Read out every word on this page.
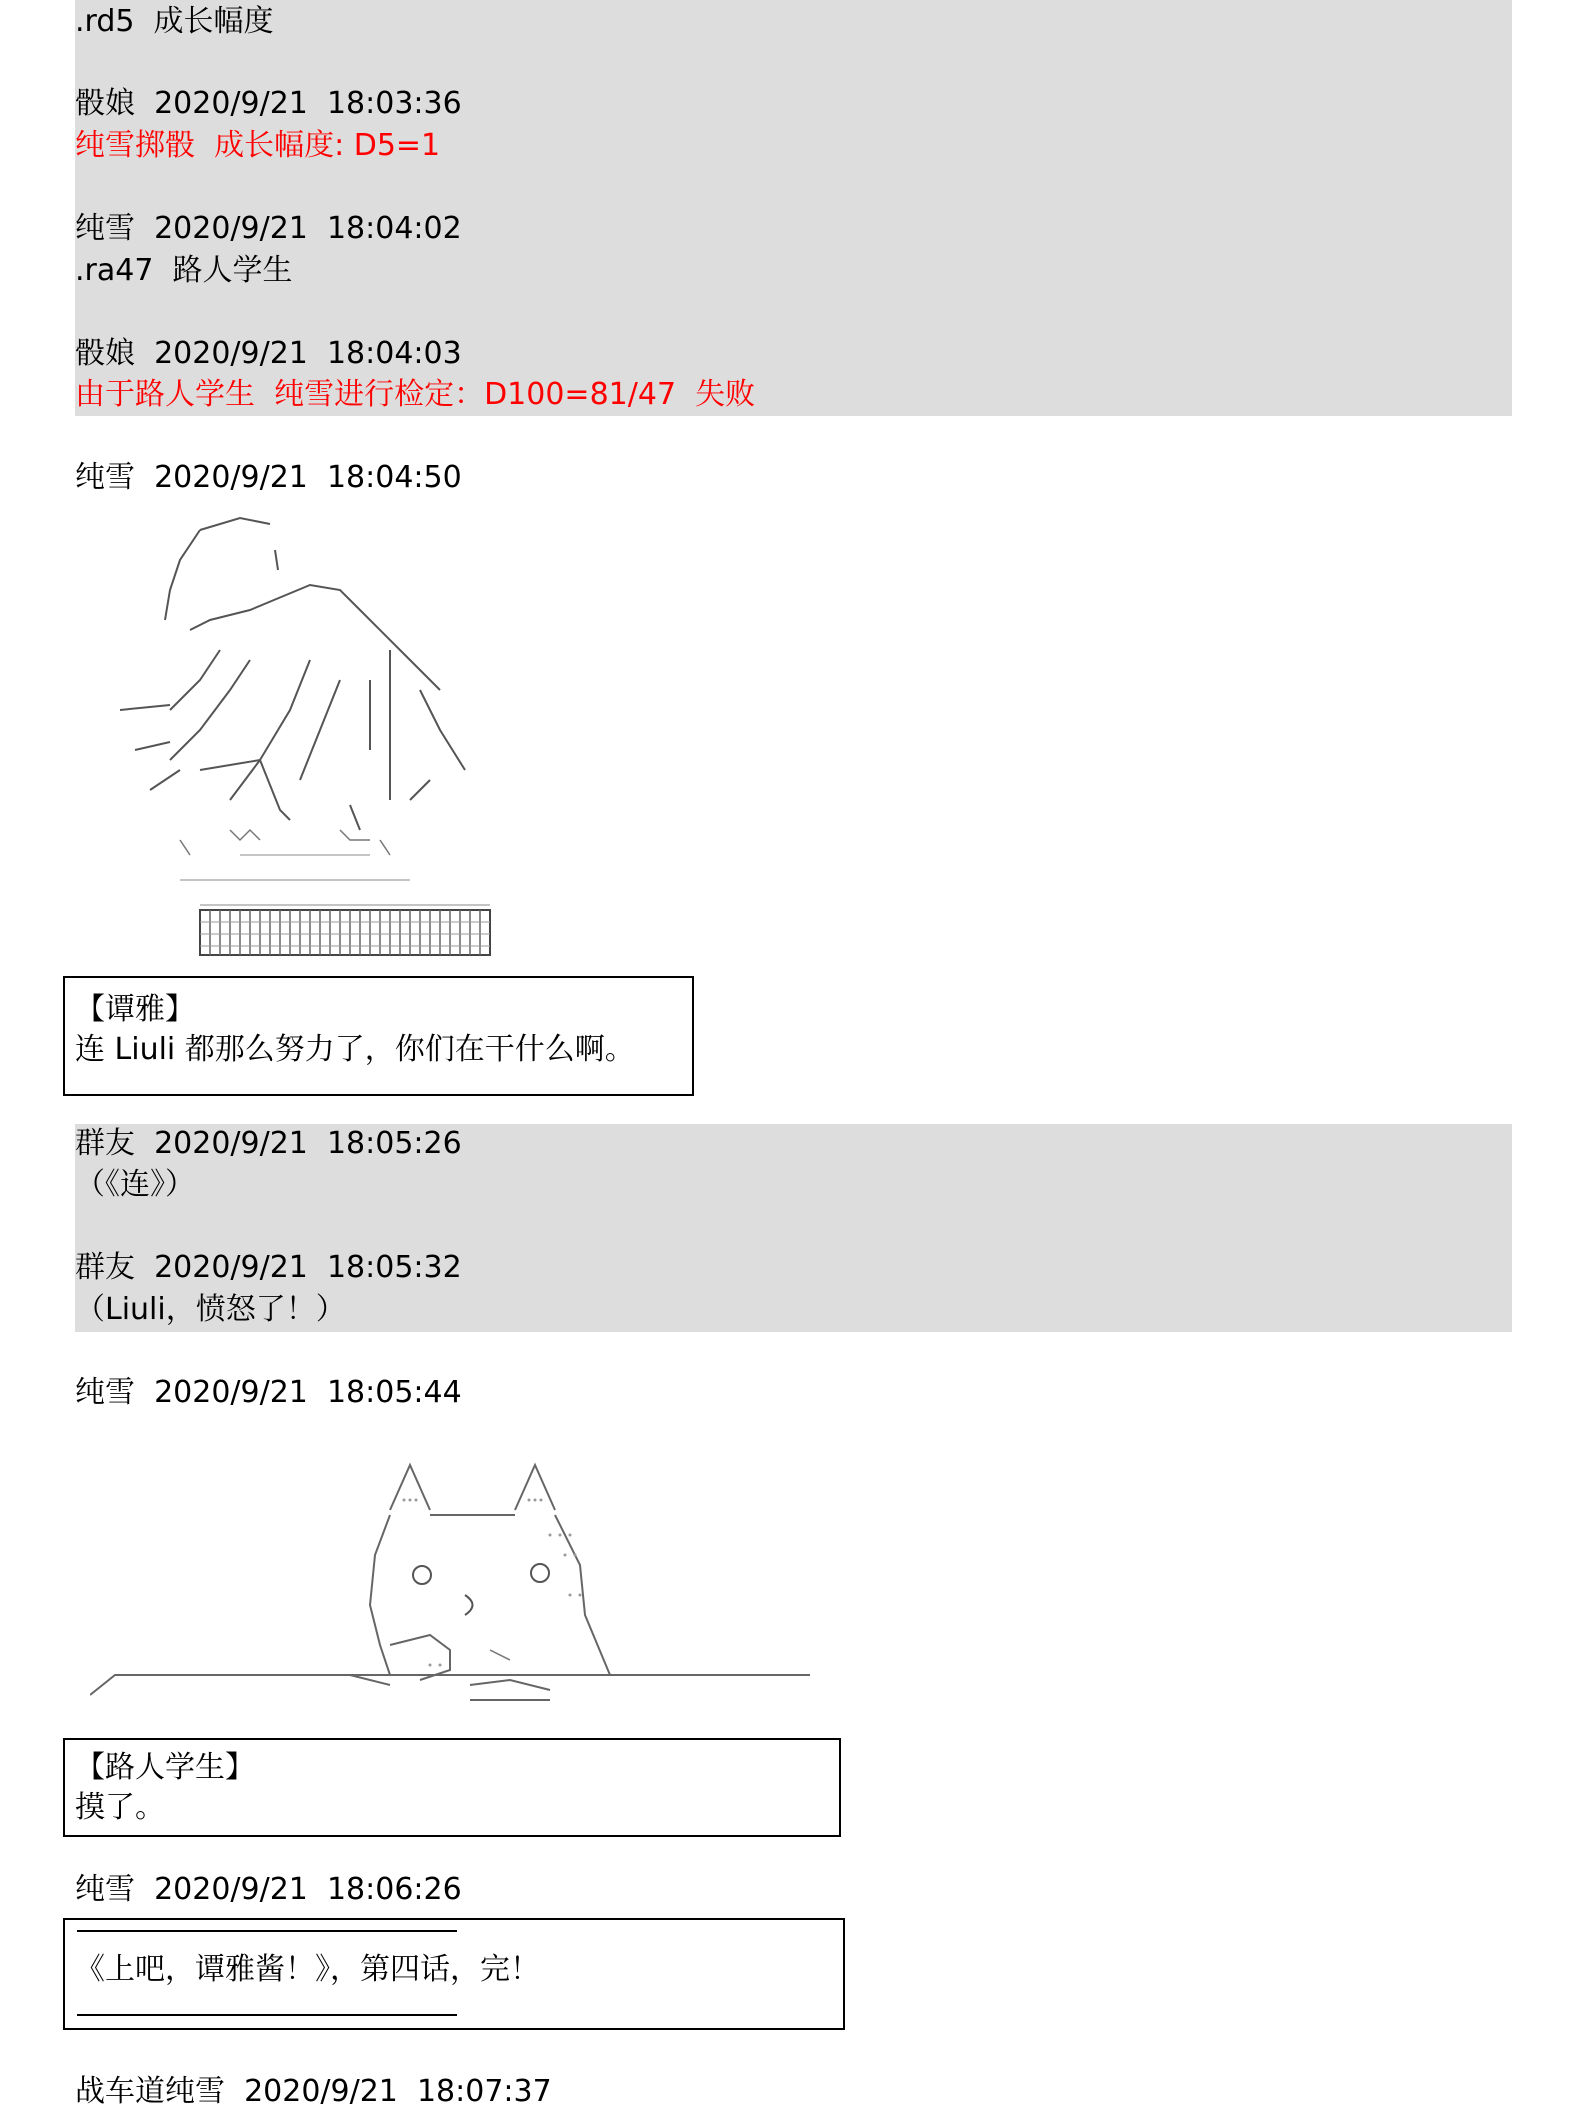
.rd5  成长幅度
骰娘  2020/9/21  18:03:36
纯雪掷骰  成长幅度: D5=1
纯雪  2020/9/21  18:04:02
.ra47  路人学生
骰娘  2020/9/21  18:04:03
由于路人学生  纯雪进行检定：D100=81/47  失败
纯雪  2020/9/21  18:04:50
【谭雅】
连 Liuli 都那么努力了，你们在干什么啊。
群友  2020/9/21  18:05:26
（《连》）
群友  2020/9/21  18:05:32
（Liuli，愤怒了！）
纯雪  2020/9/21  18:05:44
【路人学生】
摸了。
纯雪  2020/9/21  18:06:26
《上吧，谭雅酱！》，第四话，完！
战车道纯雪  2020/9/21  18:07:37
